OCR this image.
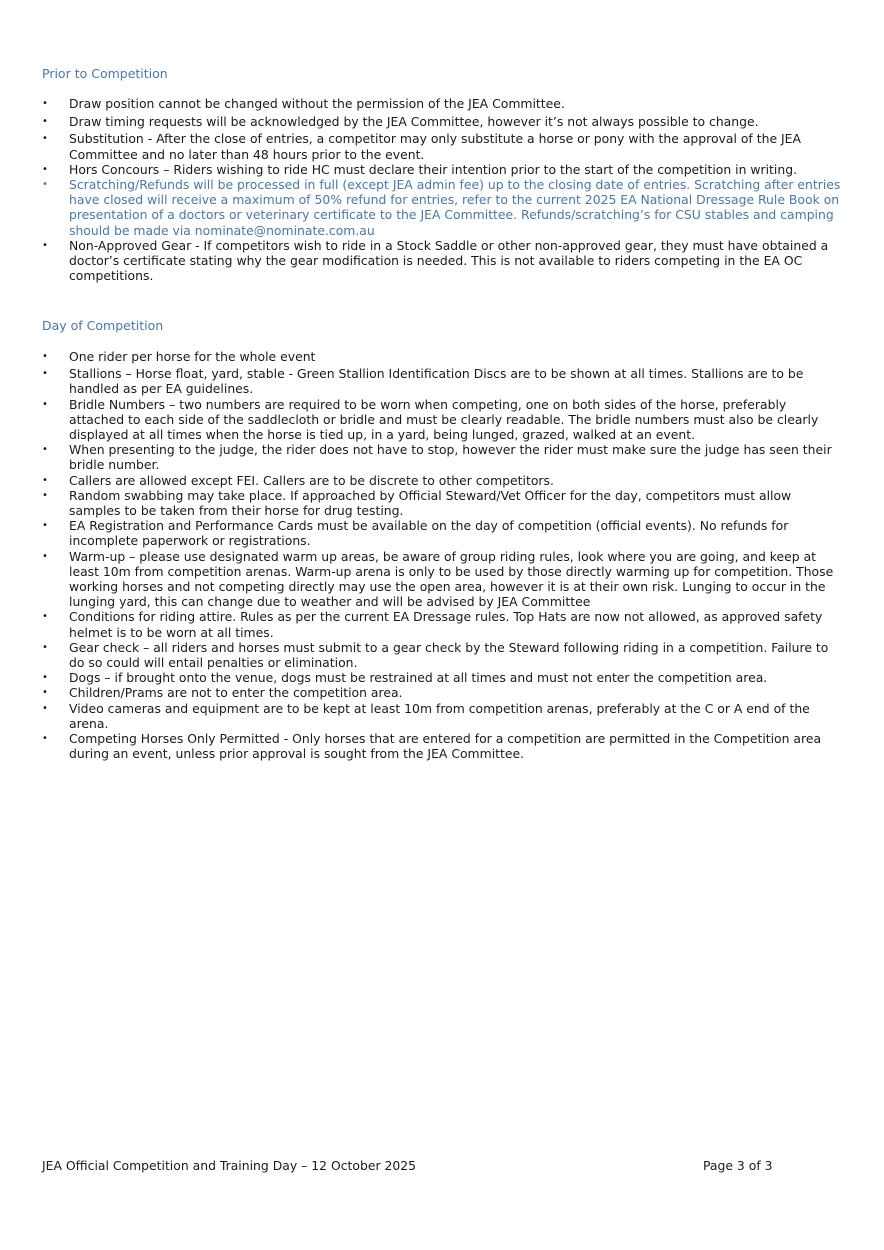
Prior to Competition
• Draw position cannot be changed without the permission of the JEA Committee.
• Draw timing requests will be acknowledged by the JEA Committee, however it’s not always possible to change.
• Substitution - After the close of entries, a competitor may only substitute a horse or pony with the approval of the JEA Committee and no later than 48 hours prior to the event.
• Hors Concours – Riders wishing to ride HC must declare their intention prior to the start of the competition in writing.
• Scratching/Refunds will be processed in full (except JEA admin fee) up to the closing date of entries. Scratching after entries have closed will receive a maximum of 50% refund for entries, refer to the current 2025 EA National Dressage Rule Book on presentation of a doctors or veterinary certificate to the JEA Committee. Refunds/scratching’s for CSU stables and camping should be made via nominate@nominate.com.au
• Non-Approved Gear - If competitors wish to ride in a Stock Saddle or other non-approved gear, they must have obtained a doctor’s certificate stating why the gear modification is needed. This is not available to riders competing in the EA OC competitions.
Day of Competition
• One rider per horse for the whole event
• Stallions – Horse float, yard, stable - Green Stallion Identification Discs are to be shown at all times. Stallions are to be handled as per EA guidelines.
• Bridle Numbers – two numbers are required to be worn when competing, one on both sides of the horse, preferably attached to each side of the saddlecloth or bridle and must be clearly readable. The bridle numbers must also be clearly displayed at all times when the horse is tied up, in a yard, being lunged, grazed, walked at an event.
• When presenting to the judge, the rider does not have to stop, however the rider must make sure the judge has seen their bridle number.
• Callers are allowed except FEI. Callers are to be discrete to other competitors.
• Random swabbing may take place. If approached by Official Steward/Vet Officer for the day, competitors must allow samples to be taken from their horse for drug testing.
• EA Registration and Performance Cards must be available on the day of competition (official events). No refunds for incomplete paperwork or registrations.
• Warm-up – please use designated warm up areas, be aware of group riding rules, look where you are going, and keep at least 10m from competition arenas. Warm-up arena is only to be used by those directly warming up for competition. Those working horses and not competing directly may use the open area, however it is at their own risk. Lunging to occur in the lunging yard, this can change due to weather and will be advised by JEA Committee
• Conditions for riding attire. Rules as per the current EA Dressage rules. Top Hats are now not allowed, as approved safety helmet is to be worn at all times.
• Gear check – all riders and horses must submit to a gear check by the Steward following riding in a competition. Failure to do so could will entail penalties or elimination.
• Dogs – if brought onto the venue, dogs must be restrained at all times and must not enter the competition area.
• Children/Prams are not to enter the competition area.
• Video cameras and equipment are to be kept at least 10m from competition arenas, preferably at the C or A end of the arena.
• Competing Horses Only Permitted - Only horses that are entered for a competition are permitted in the Competition area during an event, unless prior approval is sought from the JEA Committee.
JEA Official Competition and Training Day – 12 October 2025	Page 3 of 3
